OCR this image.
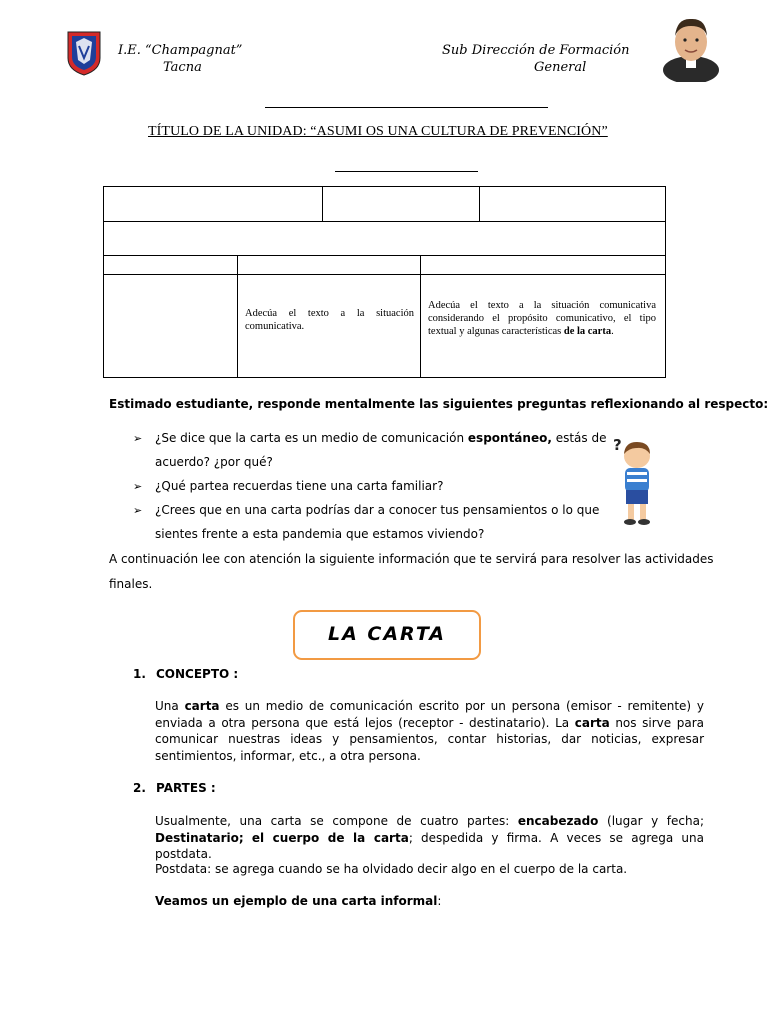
I.E. “Champagnat”
Tacna
Sub Dirección de Formación
General
TÍTULO DE LA UNIDAD: “ASUMI OS UNA CULTURA DE PREVENCIÓN”
Adecúa el texto a la situación comunicativa.
Adecúa el texto a la situación comunicativa considerando el propósito comunicativo, el tipo textual y algunas características de la carta.
Estimado estudiante, responde mentalmente las siguientes preguntas reflexionando al respecto:
➢ ¿Se dice que la carta es un medio de comunicación espontáneo, estás de
acuerdo? ¿por qué?
➢ ¿Qué partea recuerdas tiene una carta familiar?
➢ ¿Crees que en una carta podrías dar a conocer tus pensamientos o lo que
sientes frente a esta pandemia que estamos viviendo?
?
A continuación lee con atención la siguiente información que te servirá para resolver las actividades
finales.
LA CARTA
1. CONCEPTO :
Una carta es un medio de comunicación escrito por un persona (emisor - remitente) y enviada a otra persona que está lejos (receptor - destinatario). La carta nos sirve para comunicar nuestras ideas y pensamientos, contar historias, dar noticias, expresar sentimientos, informar, etc., a otra persona.
2. PARTES :
Usualmente, una carta se compone de cuatro partes: encabezado (lugar y fecha; Destinatario; el cuerpo de la carta; despedida y firma. A veces se agrega una postdata.
Postdata: se agrega cuando se ha olvidado decir algo en el cuerpo de la carta.
Veamos un ejemplo de una carta informal:
